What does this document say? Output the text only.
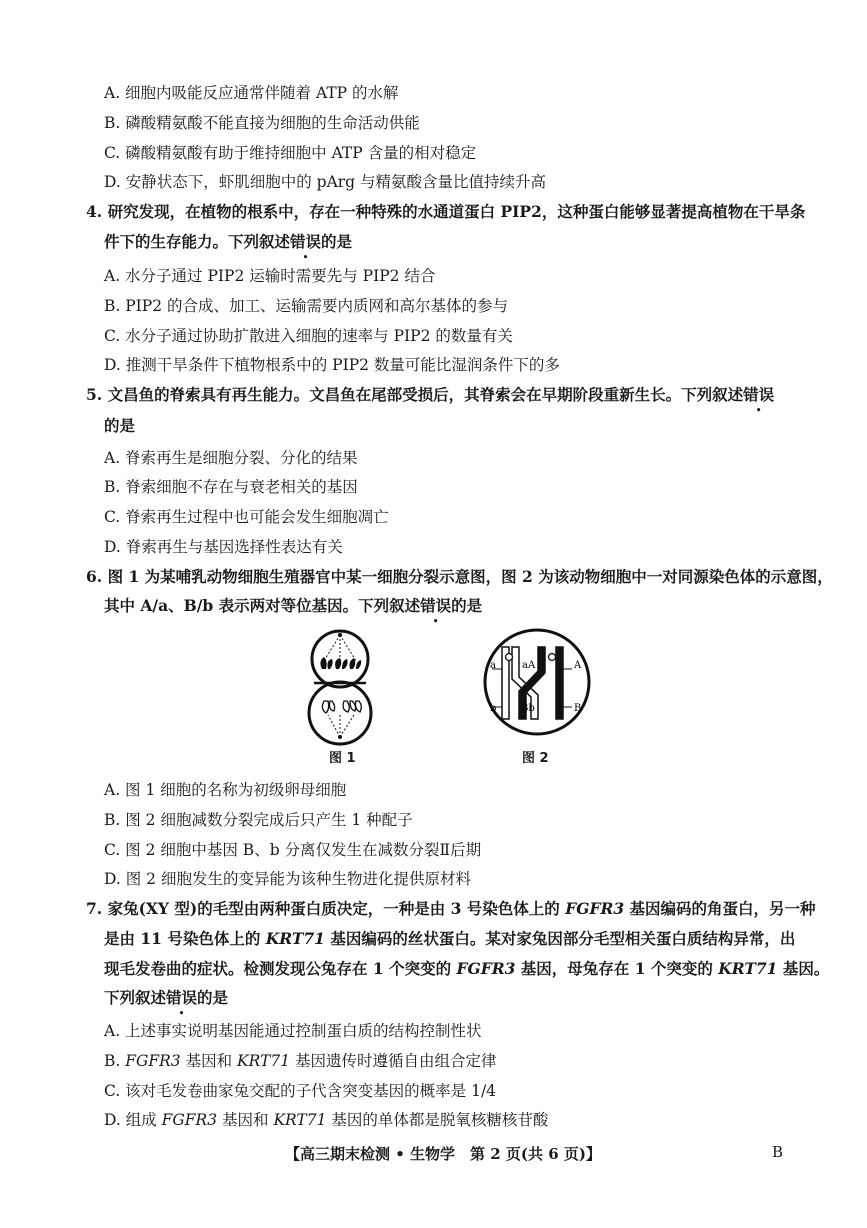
A. 细胞内吸能反应通常伴随着 ATP 的水解
B. 磷酸精氨酸不能直接为细胞的生命活动供能
C. 磷酸精氨酸有助于维持细胞中 ATP 含量的相对稳定
D. 安静状态下，虾肌细胞中的 pArg 与精氨酸含量比值持续升高
4. 研究发现，在植物的根系中，存在一种特殊的水通道蛋白 PIP2，这种蛋白能够显著提高植物在干旱条
件下的生存能力。下列叙述错误的是
A. 水分子通过 PIP2 运输时需要先与 PIP2 结合
B. PIP2 的合成、加工、运输需要内质网和高尔基体的参与
C. 水分子通过协助扩散进入细胞的速率与 PIP2 的数量有关
D. 推测干旱条件下植物根系中的 PIP2 数量可能比湿润条件下的多
5. 文昌鱼的脊索具有再生能力。文昌鱼在尾部受损后，其脊索会在早期阶段重新生长。下列叙述错误
的是
A. 脊索再生是细胞分裂、分化的结果
B. 脊索细胞不存在与衰老相关的基因
C. 脊索再生过程中也可能会发生细胞凋亡
D. 脊索再生与基因选择性表达有关
6. 图 1 为某哺乳动物细胞生殖器官中某一细胞分裂示意图，图 2 为该动物细胞中一对同源染色体的示意图，
其中 A/a、B/b 表示两对等位基因。下列叙述错误的是
图 1
a	aA	A
b Bb	B
图 2
A. 图 1 细胞的名称为初级卵母细胞
B. 图 2 细胞减数分裂完成后只产生 1 种配子
C. 图 2 细胞中基因 B、b 分离仅发生在减数分裂Ⅱ后期
D. 图 2 细胞发生的变异能为该种生物进化提供原材料
7. 家兔(XY 型)的毛型由两种蛋白质决定，一种是由 3 号染色体上的 FGFR3 基因编码的角蛋白，另一种
是由 11 号染色体上的 KRT71 基因编码的丝状蛋白。某对家兔因部分毛型相关蛋白质结构异常，出
现毛发卷曲的症状。检测发现公兔存在 1 个突变的 FGFR3 基因，母兔存在 1 个突变的 KRT71 基因。
下列叙述错误的是
A. 上述事实说明基因能通过控制蛋白质的结构控制性状
B. FGFR3 基因和 KRT71 基因遗传时遵循自由组合定律
C. 该对毛发卷曲家兔交配的子代含突变基因的概率是 1/4
D. 组成 FGFR3 基因和 KRT71 基因的单体都是脱氧核糖核苷酸
【高三期末检测 • 生物学　第 2 页(共 6 页)】	B
